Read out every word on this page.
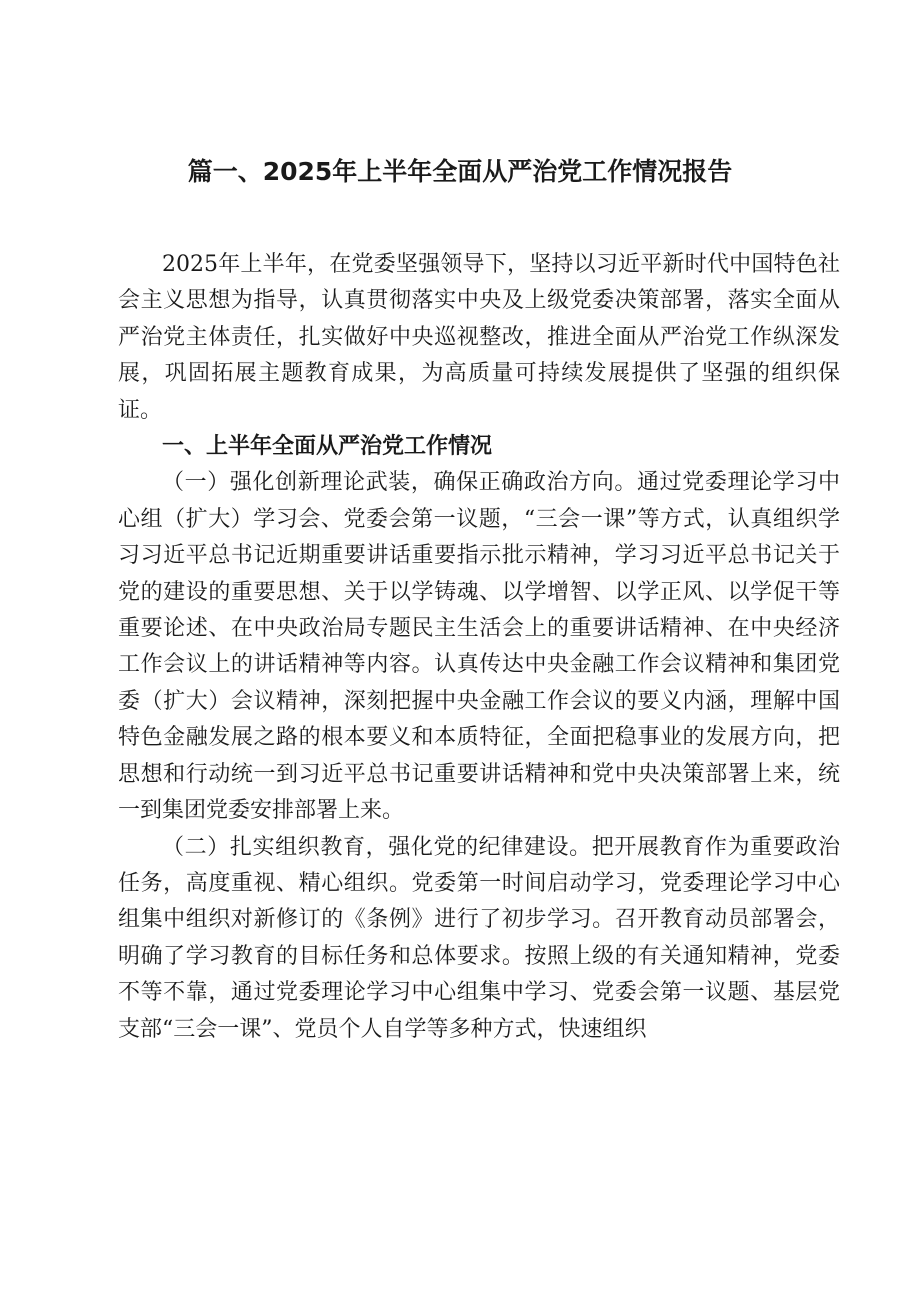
篇一、2025年上半年全面从严治党工作情况报告

2025年上半年，在党委坚强领导下，坚持以习近平新时代中国特色社会主义思想为指导，认真贯彻落实中央及上级党委决策部署，落实全面从严治党主体责任，扎实做好中央巡视整改，推进全面从严治党工作纵深发展，巩固拓展主题教育成果，为高质量可持续发展提供了坚强的组织保证。

一、上半年全面从严治党工作情况

（一）强化创新理论武装，确保正确政治方向。通过党委理论学习中心组（扩大）学习会、党委会第一议题，“三会一课”等方式，认真组织学习习近平总书记近期重要讲话重要指示批示精神，学习习近平总书记关于党的建设的重要思想、关于以学铸魂、以学增智、以学正风、以学促干等重要论述、在中央政治局专题民主生活会上的重要讲话精神、在中央经济工作会议上的讲话精神等内容。认真传达中央金融工作会议精神和集团党委（扩大）会议精神，深刻把握中央金融工作会议的要义内涵，理解中国特色金融发展之路的根本要义和本质特征，全面把稳事业的发展方向，把思想和行动统一到习近平总书记重要讲话精神和党中央决策部署上来，统一到集团党委安排部署上来。

（二）扎实组织教育，强化党的纪律建设。把开展教育作为重要政治任务，高度重视、精心组织。党委第一时间启动学习，党委理论学习中心组集中组织对新修订的《条例》进行了初步学习。召开教育动员部署会，明确了学习教育的目标任务和总体要求。按照上级的有关通知精神，党委不等不靠，通过党委理论学习中心组集中学习、党委会第一议题、基层党支部“三会一课”、党员个人自学等多种方式，快速组织
